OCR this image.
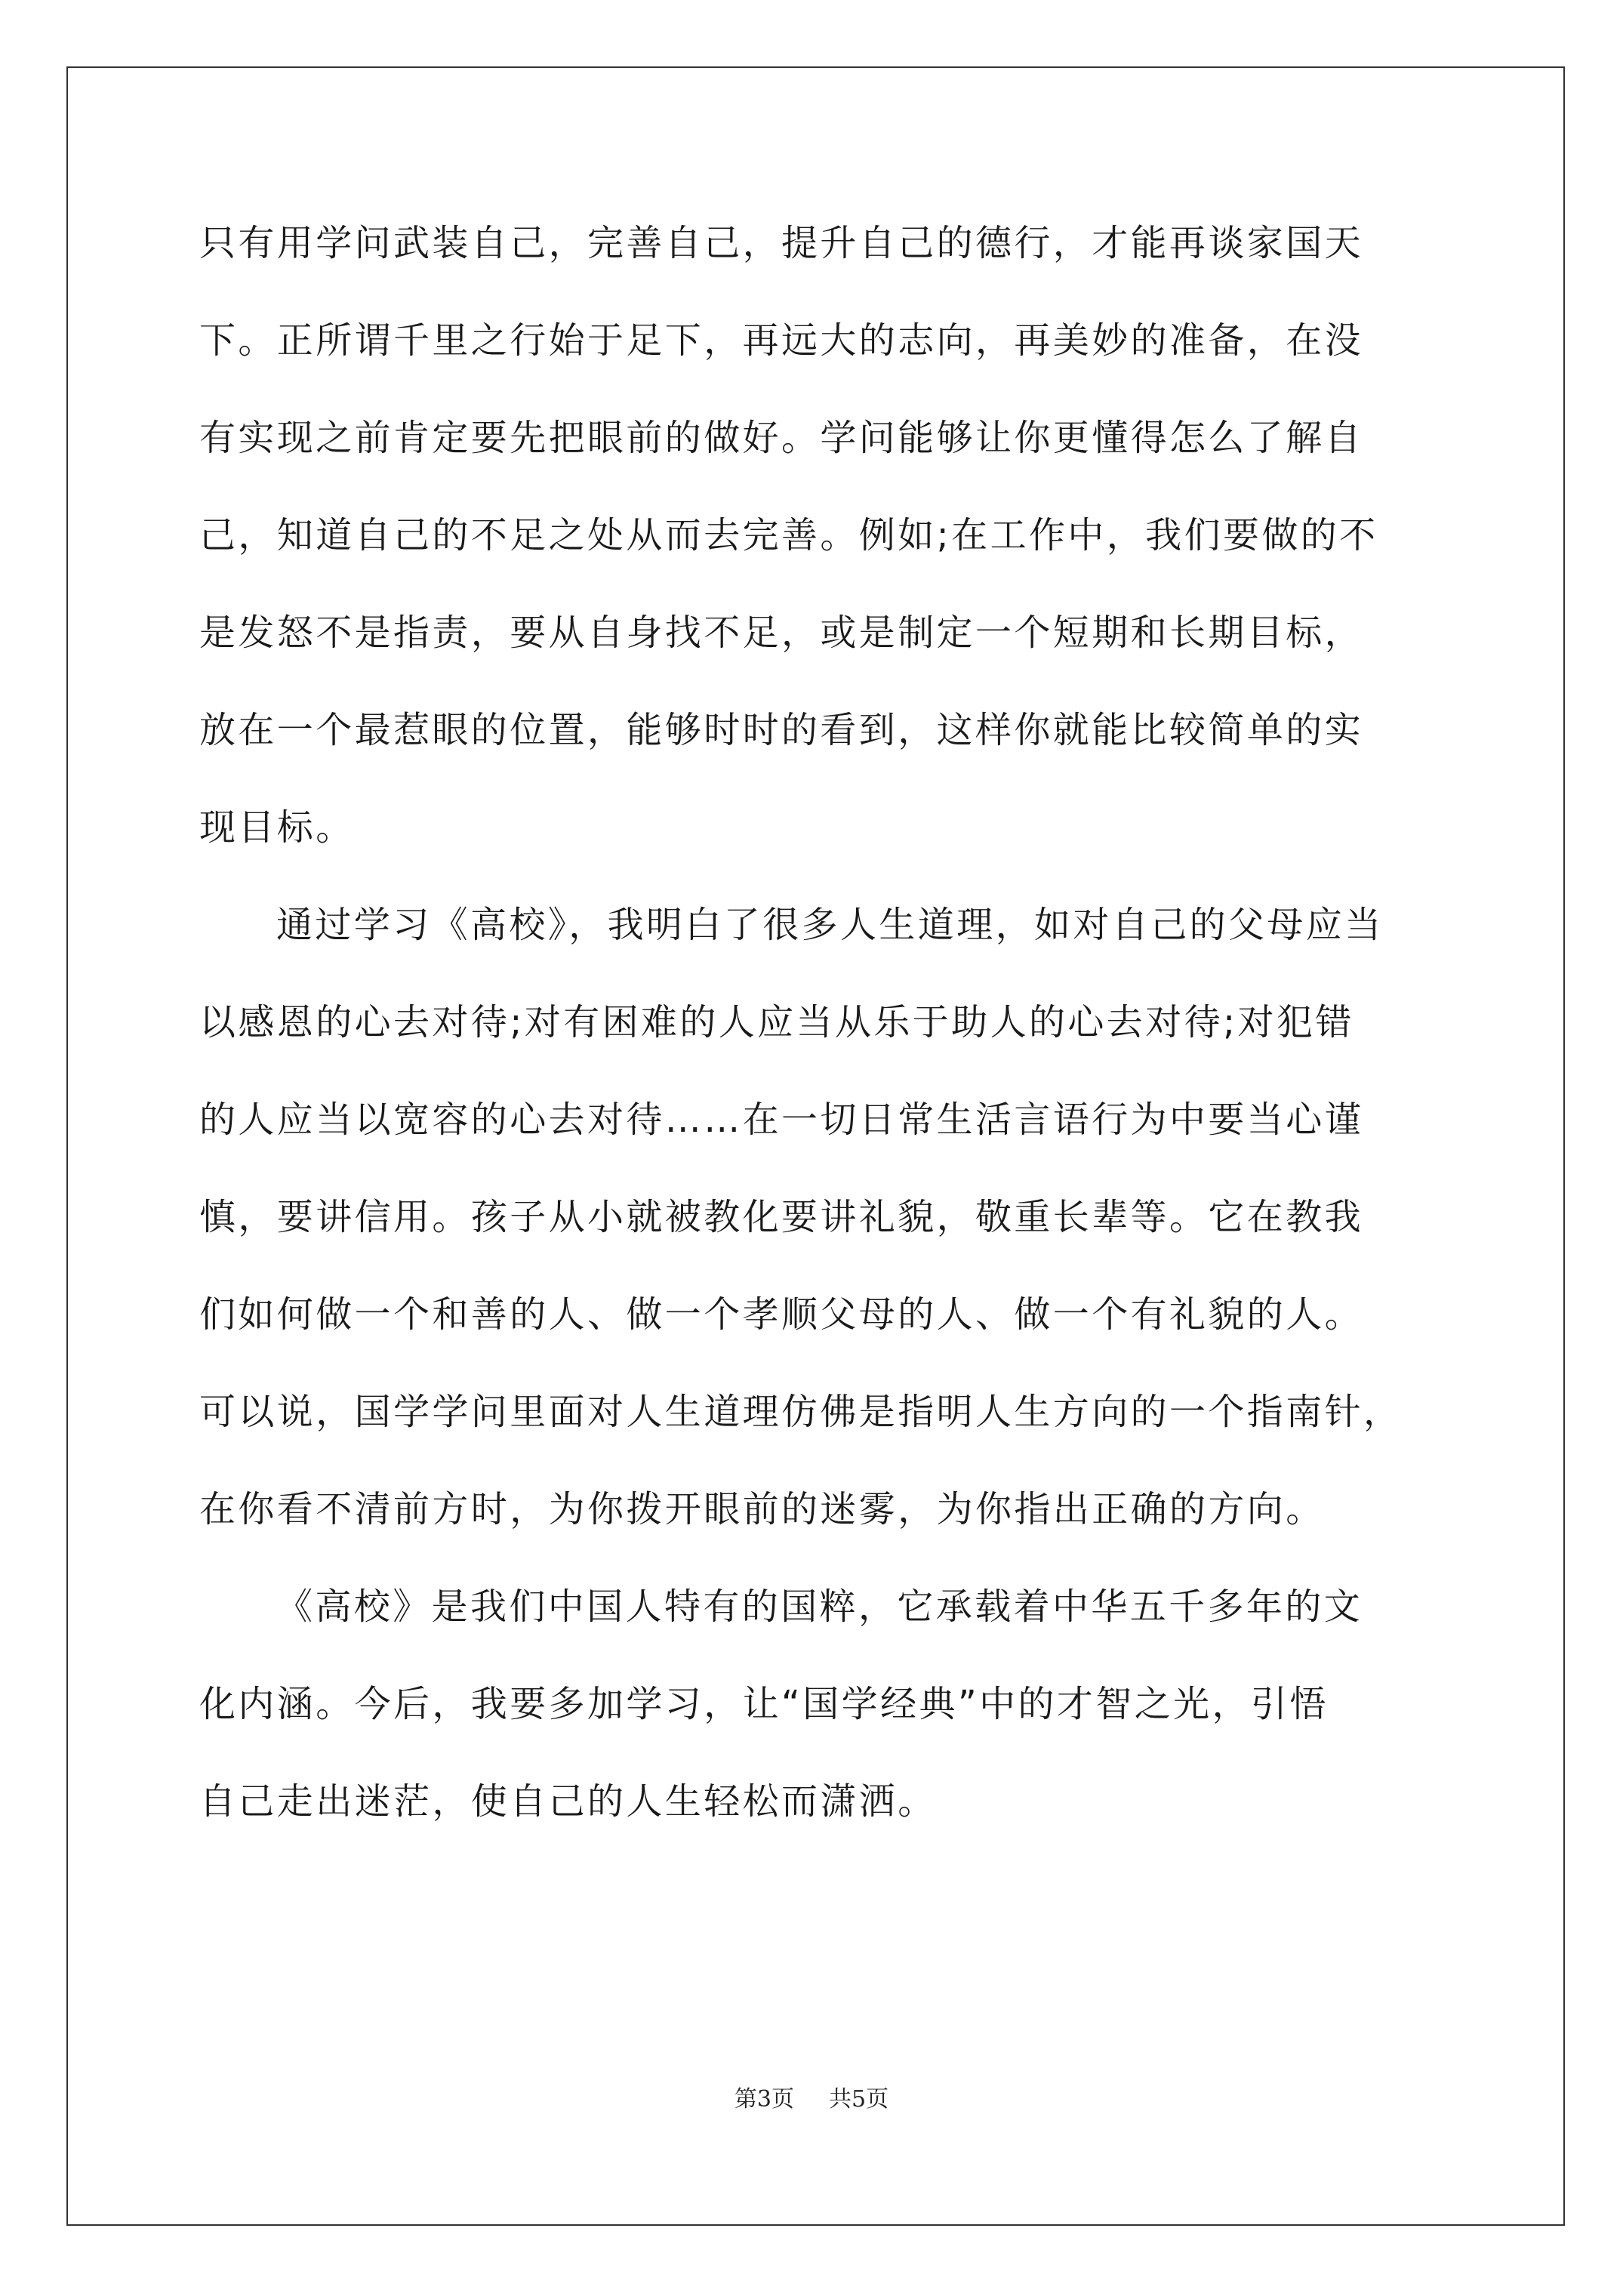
只有用学问武装自己，完善自己，提升自己的德行，才能再谈家国天
下。正所谓千里之行始于足下，再远大的志向，再美妙的准备，在没
有实现之前肯定要先把眼前的做好。学问能够让你更懂得怎么了解自
己，知道自己的不足之处从而去完善。例如;在工作中，我们要做的不
是发怒不是指责，要从自身找不足，或是制定一个短期和长期目标，
放在一个最惹眼的位置，能够时时的看到，这样你就能比较简单的实
现目标。
通过学习《高校》，我明白了很多人生道理，如对自己的父母应当
以感恩的心去对待;对有困难的人应当从乐于助人的心去对待;对犯错
的人应当以宽容的心去对待……在一切日常生活言语行为中要当心谨
慎，要讲信用。孩子从小就被教化要讲礼貌，敬重长辈等。它在教我
们如何做一个和善的人、做一个孝顺父母的人、做一个有礼貌的人。
可以说，国学学问里面对人生道理仿佛是指明人生方向的一个指南针，
在你看不清前方时，为你拨开眼前的迷雾，为你指出正确的方向。
《高校》是我们中国人特有的国粹，它承载着中华五千多年的文
化内涵。今后，我要多加学习，让“国学经典”中的才智之光，引悟
自己走出迷茫，使自己的人生轻松而潇洒。
第3页 共5页
